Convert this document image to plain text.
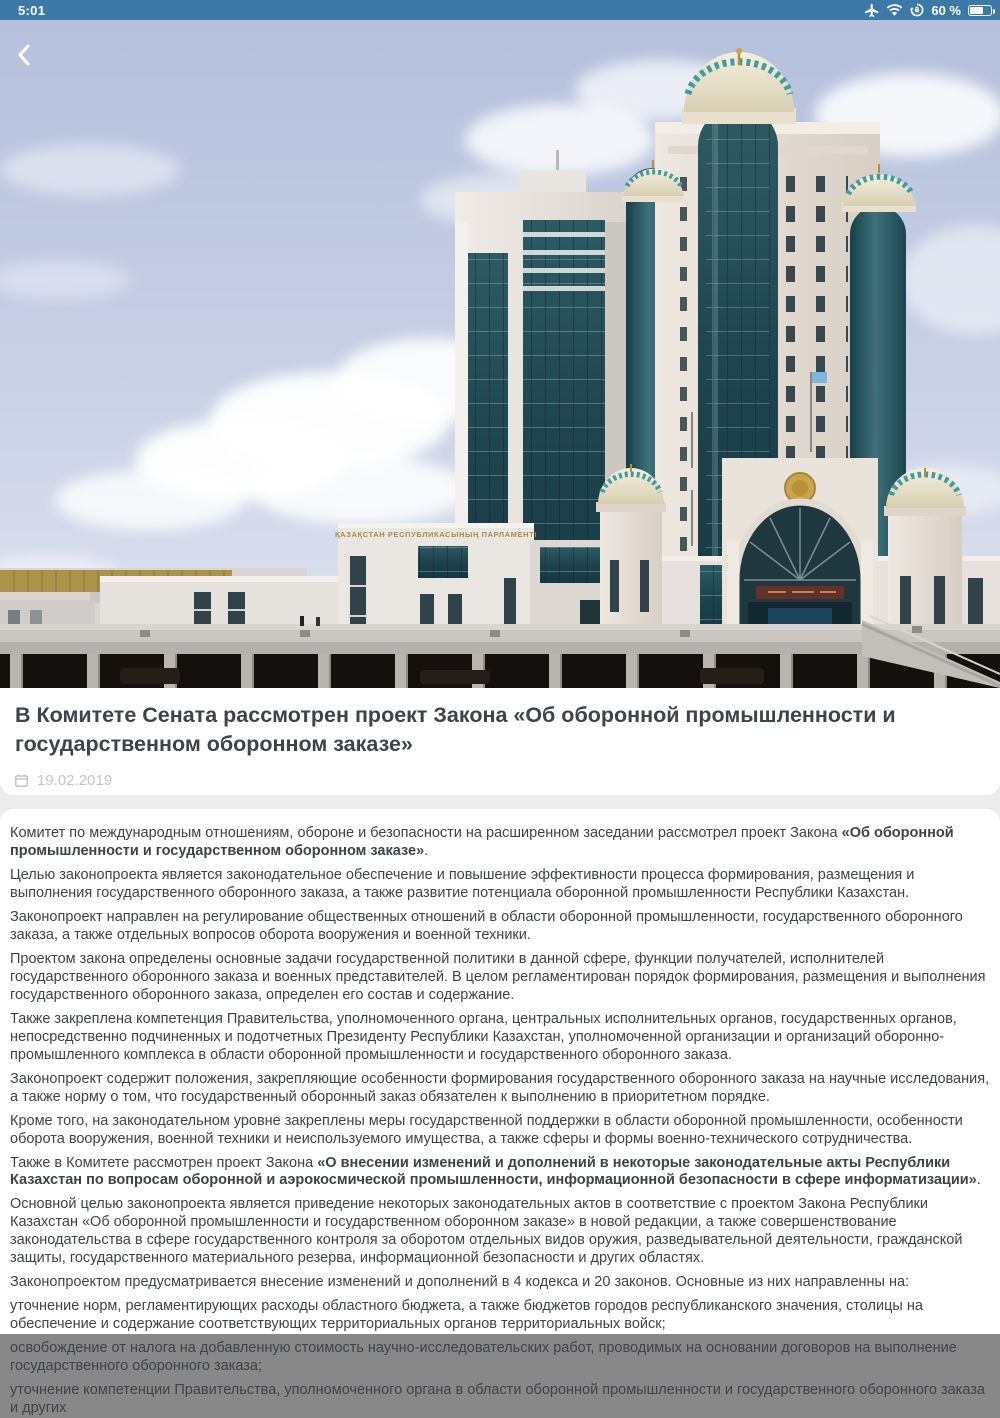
5:01	60 %
ҚАЗАҚСТАН РЕСПУБЛИКАСЫНЫҢ ПАРЛАМЕНТІ
В Комитете Сената рассмотрен проект Закона «Об оборонной промышленности и государственном оборонном заказе»
19.02.2019

Комитет по международным отношениям, обороне и безопасности на расширенном заседании рассмотрел проект Закона «Об оборонной промышленности и государственном оборонном заказе».

Целью законопроекта является законодательное обеспечение и повышение эффективности процесса формирования, размещения и выполнения государственного оборонного заказа, а также развитие потенциала оборонной промышленности Республики Казахстан.

Законопроект направлен на регулирование общественных отношений в области оборонной промышленности, государственного оборонного заказа, а также отдельных вопросов оборота вооружения и военной техники.

Проектом закона определены основные задачи государственной политики в данной сфере, функции получателей, исполнителей государственного оборонного заказа и военных представителей. В целом регламентирован порядок формирования, размещения и выполнения государственного оборонного заказа, определен его состав и содержание.

Также закреплена компетенция Правительства, уполномоченного органа, центральных исполнительных органов, государственных органов, непосредственно подчиненных и подотчетных Президенту Республики Казахстан, уполномоченной организации и организаций оборонно-промышленного комплекса в области оборонной промышленности и государственного оборонного заказа.

Законопроект содержит положения, закрепляющие особенности формирования государственного оборонного заказа на научные исследования, а также норму о том, что государственный оборонный заказ обязателен к выполнению в приоритетном порядке.

Кроме того, на законодательном уровне закреплены меры государственной поддержки в области оборонной промышленности, особенности оборота вооружения, военной техники и неиспользуемого имущества, а также сферы и формы военно-технического сотрудничества.

Также в Комитете рассмотрен проект Закона «О внесении изменений и дополнений в некоторые законодательные акты Республики Казахстан по вопросам оборонной и аэрокосмической промышленности, информационной безопасности в сфере информатизации».

Основной целью законопроекта является приведение некоторых законодательных актов в соответствие с проектом Закона Республики Казахстан «Об оборонной промышленности и государственном оборонном заказе» в новой редакции, а также совершенствование законодательства в сфере государственного контроля за оборотом отдельных видов оружия, разведывательной деятельности, гражданской защиты, государственного материального резерва, информационной безопасности и других областях.

Законопроектом предусматривается внесение изменений и дополнений в 4 кодекса и 20 законов. Основные из них направленны на:

уточнение норм, регламентирующих расходы областного бюджета, а также бюджетов городов республиканского значения, столицы на обеспечение и содержание соответствующих территориальных органов территориальных войск;

освобождение от налога на добавленную стоимость научно-исследовательских работ, проводимых на основании договоров на выполнение государственного оборонного заказа;

уточнение компетенции Правительства, уполномоченного органа в области оборонной промышленности и государственного оборонного заказа и других
